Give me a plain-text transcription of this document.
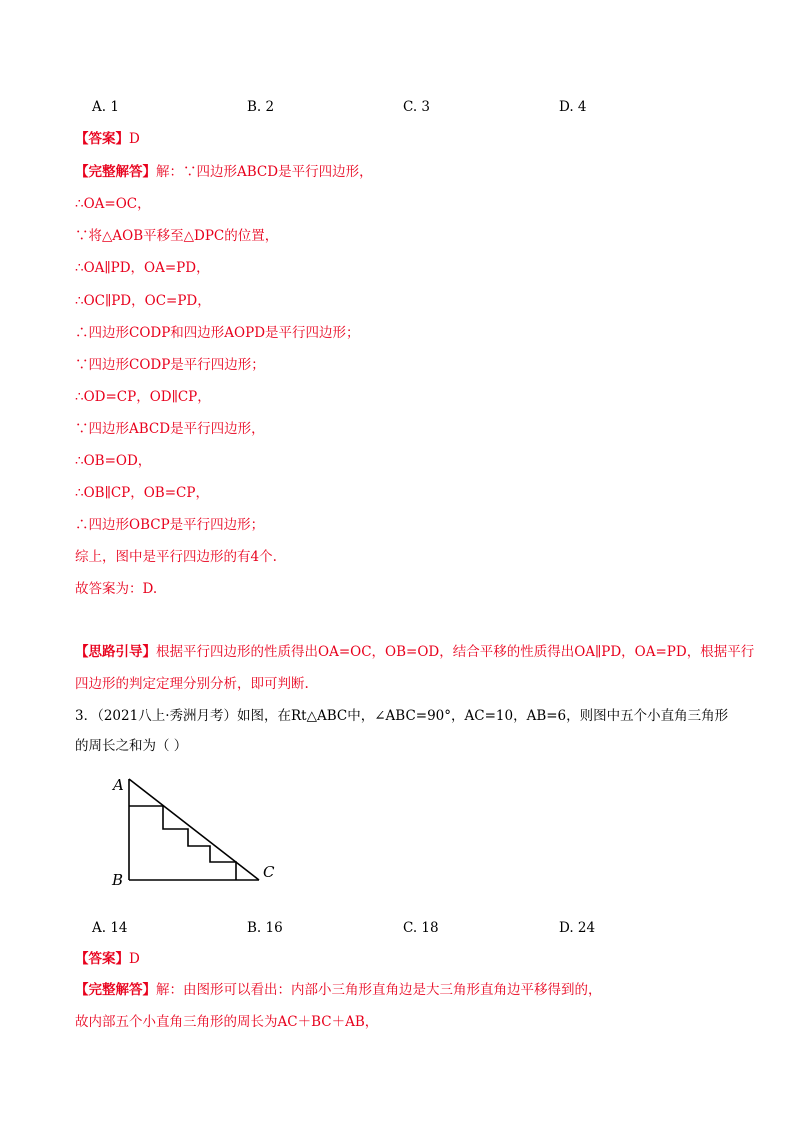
A. 1	B. 2	C. 3	D. 4
【答案】D
【完整解答】解：∵四边形ABCD是平行四边形，
∴OA=OC，
∵将△AOB平移至△DPC的位置，
∴OA∥PD，OA=PD，
∴OC∥PD，OC=PD，
∴四边形CODP和四边形AOPD是平行四边形；
∵四边形CODP是平行四边形；
∴OD=CP，OD∥CP，
∵四边形ABCD是平行四边形，
∴OB=OD，
∴OB∥CP，OB=CP，
∴四边形OBCP是平行四边形；
综上，图中是平行四边形的有4个.
故答案为：D.
【思路引导】根据平行四边形的性质得出OA=OC，OB=OD，结合平移的性质得出OA∥PD，OA=PD，根据平行
四边形的判定定理分别分析，即可判断.
3．（2021八上·秀洲月考）如图，在Rt△ABC中，∠ABC=90°，AC=10，AB=6，则图中五个小直角三角形
的周长之和为（ ）
A
B	C
A. 14	B. 16	C. 18	D. 24
【答案】D
【完整解答】解：由图形可以看出：内部小三角形直角边是大三角形直角边平移得到的，
故内部五个小直角三角形的周长为AC＋BC＋AB，
